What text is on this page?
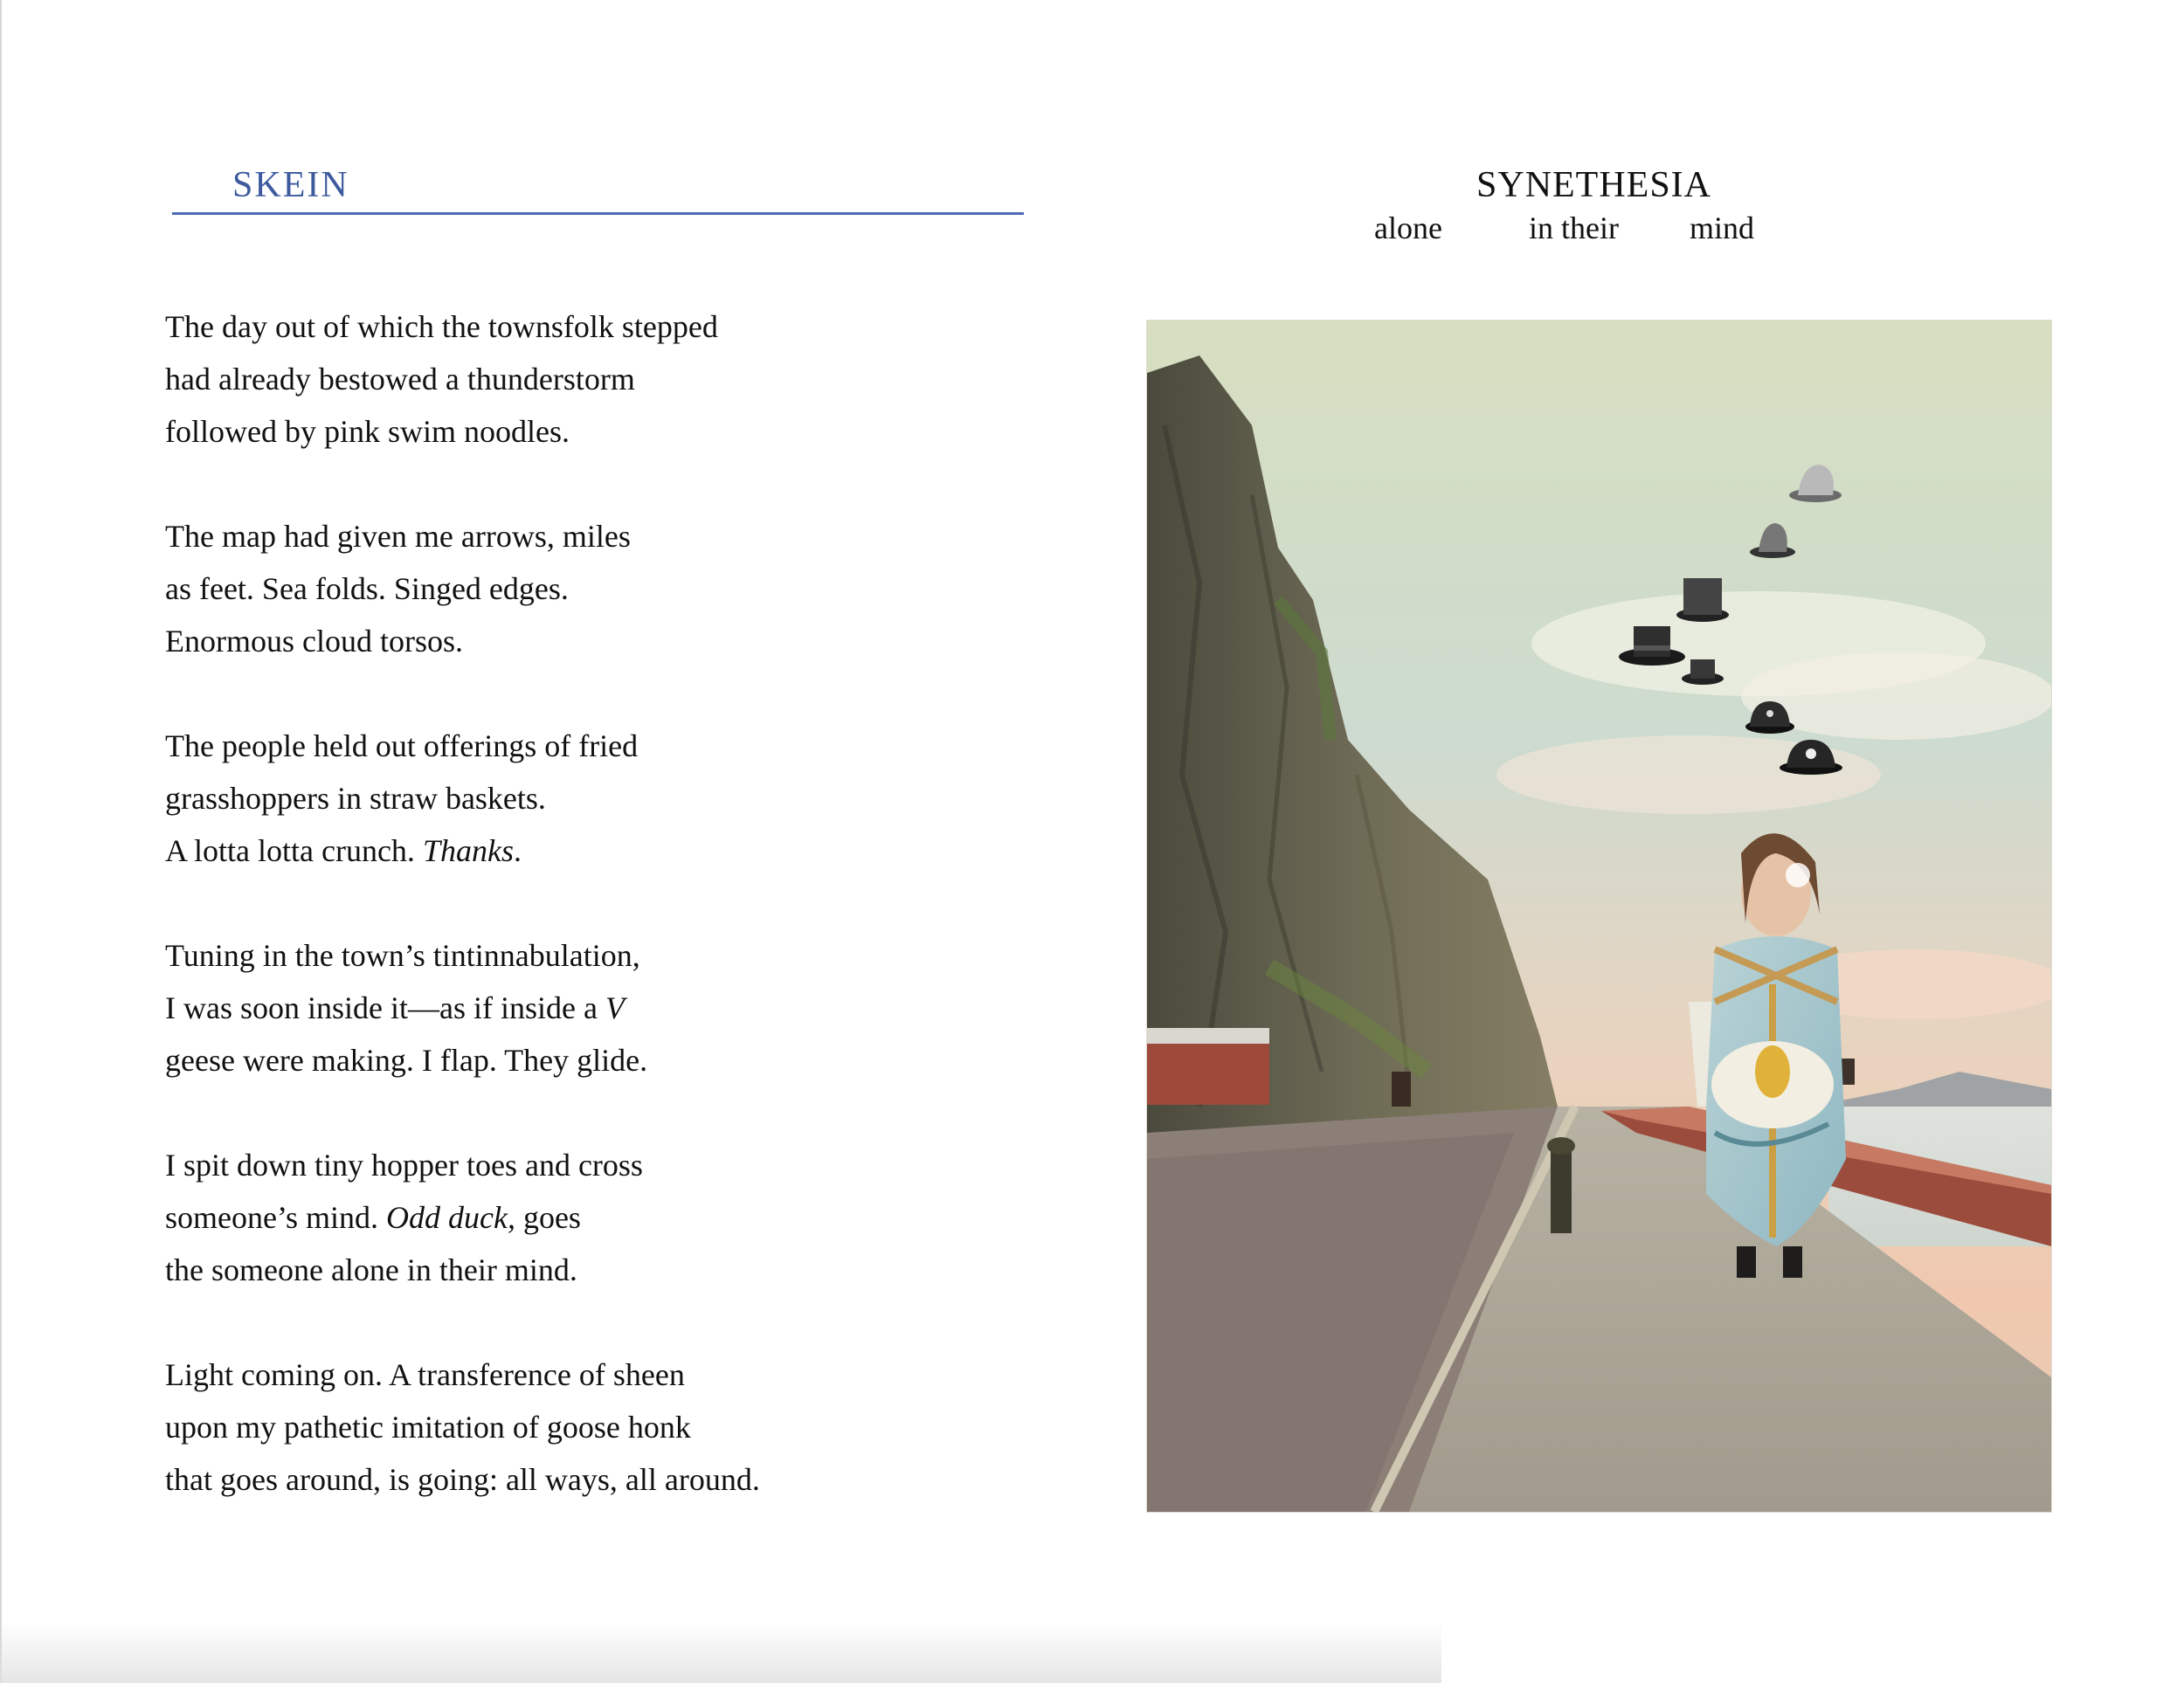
SKEIN
The day out of which the townsfolk stepped
had already bestowed a thunderstorm
followed by pink swim noodles.
The map had given me arrows, miles
as feet. Sea folds. Singed edges.
Enormous cloud torsos.
The people held out offerings of fried
grasshoppers in straw baskets.
A lotta lotta crunch. Thanks.
Tuning in the town’s tintinnabulation,
I was soon inside it—as if inside a V
geese were making. I flap. They glide.
I spit down tiny hopper toes and cross
someone’s mind. Odd duck, goes
the someone alone in their mind.
Light coming on. A transference of sheen
upon my pathetic imitation of goose honk
that goes around, is going: all ways, all around.
SYNETHESIA
alone	in their mind
